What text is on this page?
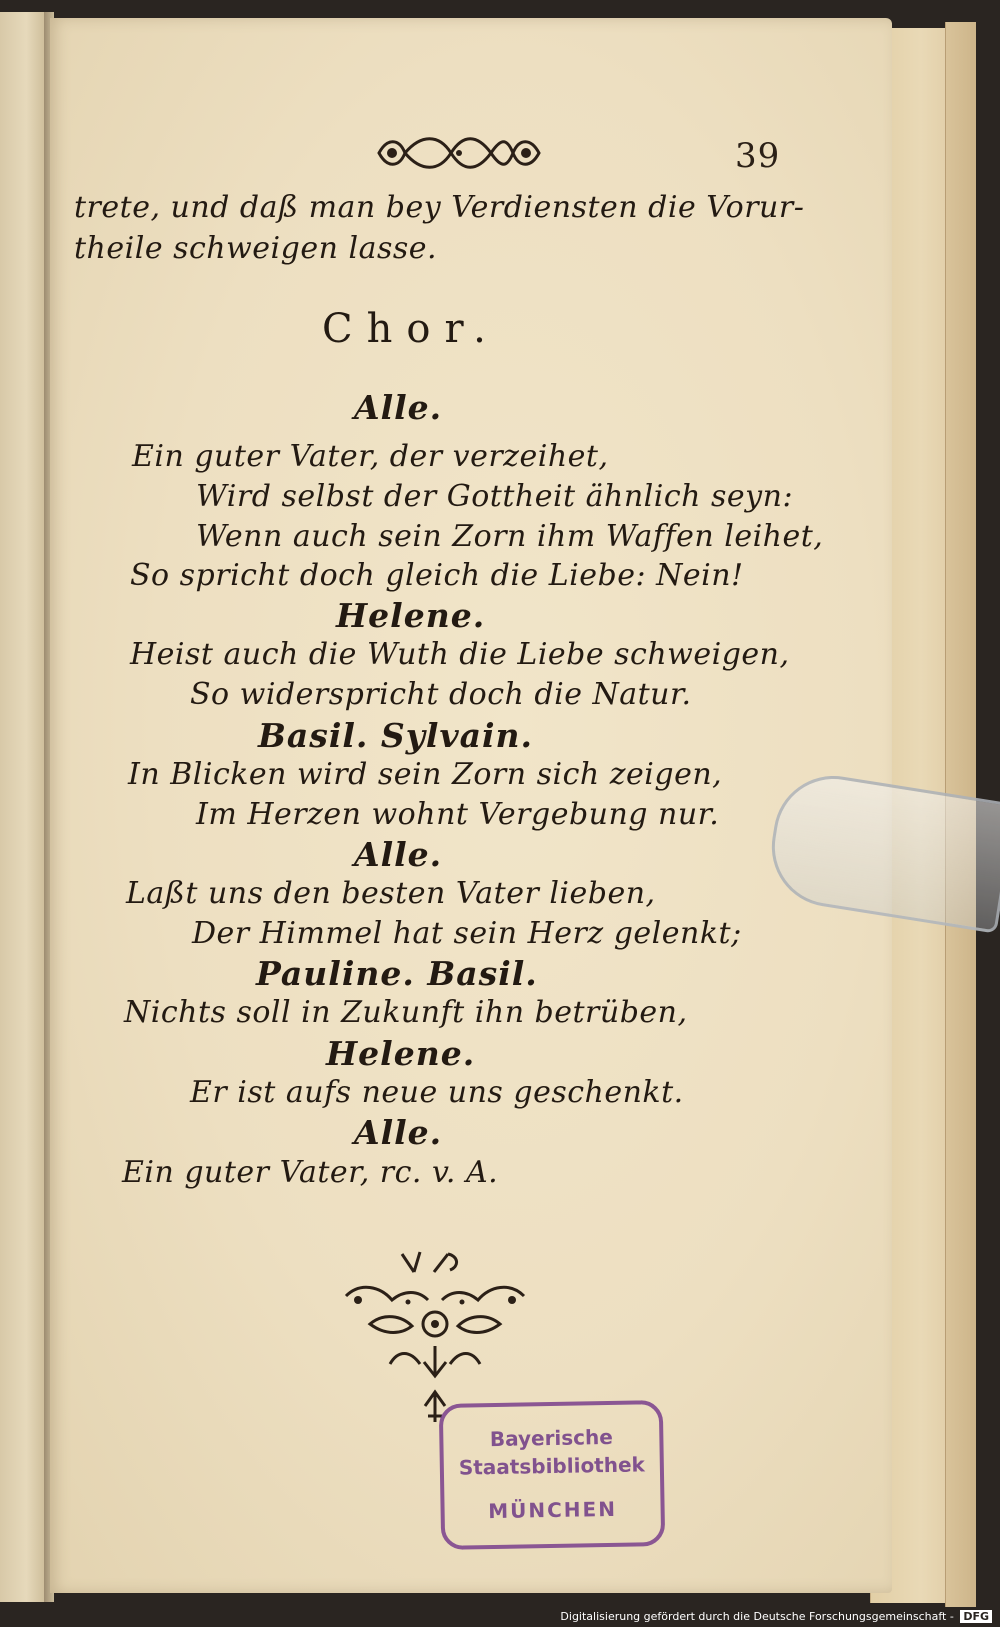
39
trete, und daß man bey Verdiensten die Vorur-
theile schweigen lasse.
Chor.
Alle.
Ein guter Vater, der verzeihet,
Wird selbst der Gottheit ähnlich seyn:
Wenn auch sein Zorn ihm Waffen leihet,
So spricht doch gleich die Liebe: Nein!
Helene.
Heist auch die Wuth die Liebe schweigen,
So widerspricht doch die Natur.
Basil. Sylvain.
In Blicken wird sein Zorn sich zeigen,
Im Herzen wohnt Vergebung nur.
Alle.
Laßt uns den besten Vater lieben,
Der Himmel hat sein Herz gelenkt;
Pauline. Basil.
Nichts soll in Zukunft ihn betrüben,
Helene.
Er ist aufs neue uns geschenkt.
Alle.
Ein guter Vater, rc. v. A.
Bayerische
Staatsbibliothek
MÜNCHEN
Digitalisierung gefördert durch die Deutsche Forschungsgemeinschaft - DFG
